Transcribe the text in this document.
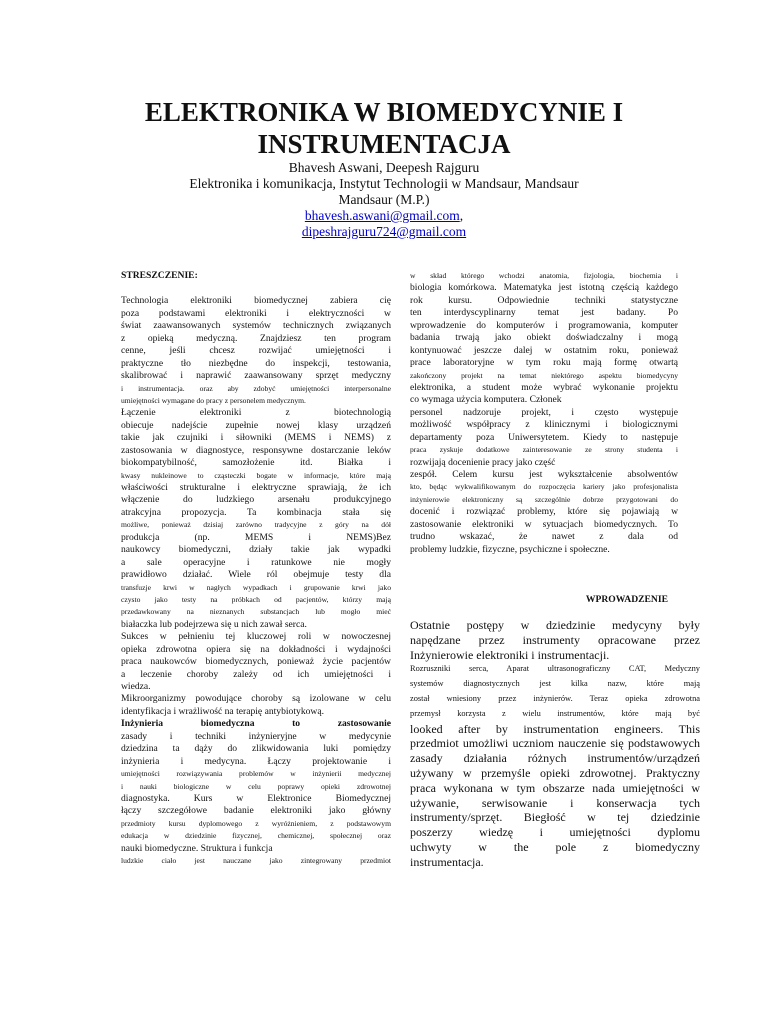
ELEKTRONIKA W BIOMEDYCYNIE I
INSTRUMENTACJA

Bhavesh Aswani, Deepesh Rajguru

Elektronika i komunikacja, Instytut Technologii w Mandsaur, Mandsaur

Mandsaur (M.P.)

bhavesh.aswani@gmail.com,

dipeshrajguru724@gmail.com

STRESZCZENIE:

Technologia elektroniki biomedycznej zabiera cię
poza podstawami elektroniki i elektryczności w
świat zaawansowanych systemów technicznych związanych
z opieką medyczną. Znajdziesz ten program
cenne, jeśli chcesz rozwijać umiejętności i
praktyczne tło niezbędne do inspekcji, testowania,
skalibrować i naprawić zaawansowany sprzęt medyczny
i instrumentacja. oraz aby zdobyć umiejętności interpersonalne
umiejętności wymagane do pracy z personelem medycznym.
Łączenie elektroniki z biotechnologią
obiecuje nadejście zupełnie nowej klasy urządzeń
takie jak czujniki i siłowniki (MEMS i NEMS) z
zastosowania w diagnostyce, responsywne dostarczanie leków
biokompatybilność, samozłożenie itd. Białka i
kwasy nukleinowe to cząsteczki bogate w informacje, które mają
właściwości strukturalne i elektryczne sprawiają, że ich
włączenie do ludzkiego arsenału produkcyjnego
atrakcyjna propozycja. Ta kombinacja stała się
możliwe, ponieważ dzisiaj zarówno tradycyjne z góry na dół
produkcja (np. MEMS i NEMS)Bez
naukowcy biomedyczni, działy takie jak wypadki
a sale operacyjne i ratunkowe nie mogły
prawidłowo działać. Wiele ról obejmuje testy dla
transfuzje krwi w nagłych wypadkach i grupowanie krwi jako
czysto jako testy na próbkach od pacjentów, którzy mają
przedawkowany na nieznanych substancjach lub mogło mieć
białaczka lub podejrzewa się u nich zawał serca.
Sukces w pełnieniu tej kluczowej roli w nowoczesnej
opieka zdrowotna opiera się na dokładności i wydajności
praca naukowców biomedycznych, ponieważ życie pacjentów
a leczenie choroby zależy od ich umiejętności i
wiedza.
Mikroorganizmy powodujące choroby są izolowane w celu
identyfikacja i wrażliwość na terapię antybiotykową.
Inżynieria biomedyczna to zastosowanie
zasady i techniki inżynieryjne w medycynie
dziedzina ta dąży do zlikwidowania luki pomiędzy
inżynieria i medycyna. Łączy projektowanie i
umiejętności rozwiązywania problemów w inżynierii medycznej
i nauki biologiczne w celu poprawy opieki zdrowotnej
diagnostyka. Kurs w Elektronice Biomedycznej
łączy szczegółowe badanie elektroniki jako główny
przedmioty kursu dyplomowego z wyróżnieniem, z podstawowym
edukacja w dziedzinie fizycznej, chemicznej, społecznej oraz
nauki biomedyczne. Struktura i funkcja
ludzkie ciało jest nauczane jako zintegrowany przedmiot
w skład którego wchodzi anatomia, fizjologia, biochemia i
biologia komórkowa. Matematyka jest istotną częścią każdego
rok kursu. Odpowiednie techniki statystyczne
ten interdyscyplinarny temat jest badany. Po
wprowadzenie do komputerów i programowania, komputer
badania trwają jako obiekt doświadczalny i mogą
kontynuować jeszcze dalej w ostatnim roku, ponieważ
prace laboratoryjne w tym roku mają formę otwartą
zakończony projekt na temat niektórego aspektu biomedycyny
elektronika, a student może wybrać wykonanie projektu
co wymaga użycia komputera. Członek
personel nadzoruje projekt, i często występuje
możliwość współpracy z klinicznymi i biologicznymi
departamenty poza Uniwersytetem. Kiedy to następuje
praca zyskuje dodatkowe zainteresowanie ze strony studenta i
rozwijają docenienie pracy jako część
zespół. Celem kursu jest wykształcenie absolwentów
kto, będąc wykwalifikowanym do rozpoczęcia kariery jako profesjonalista
inżynierowie elektroniczny są szczególnie dobrze przygotowani do
docenić i rozwiązać problemy, które się pojawiają w
zastosowanie elektroniki w sytuacjach biomedycznych. To
trudno wskazać, że nawet z dala od
problemy ludzkie, fizyczne, psychiczne i społeczne.
WPROWADZENIE
Ostatnie postępy w dziedzinie medycyny były
napędzane przez instrumenty opracowane przez
Inżynierowie elektroniki i instrumentacji.
Rozruszniki serca, Aparat ultrasonograficzny CAT, Medyczny
systemów diagnostycznych jest kilka nazw, które mają
został wniesiony przez inżynierów. Teraz opieka zdrowotna
przemysł korzysta z wielu instrumentów, które mają być
looked after by instrumentation engineers. This
przedmiot umożliwi uczniom nauczenie się podstawowych
zasady działania różnych instrumentów/urządzeń
używany w przemyśle opieki zdrowotnej. Praktyczny
praca wykonana w tym obszarze nada umiejętności w
używanie, serwisowanie i konserwacja tych
instrumenty/sprzęt. Biegłość w tej dziedzinie
poszerzy wiedzę i umiejętności dyplomu
uchwyty w the pole z biomedyczny
instrumentacja.
